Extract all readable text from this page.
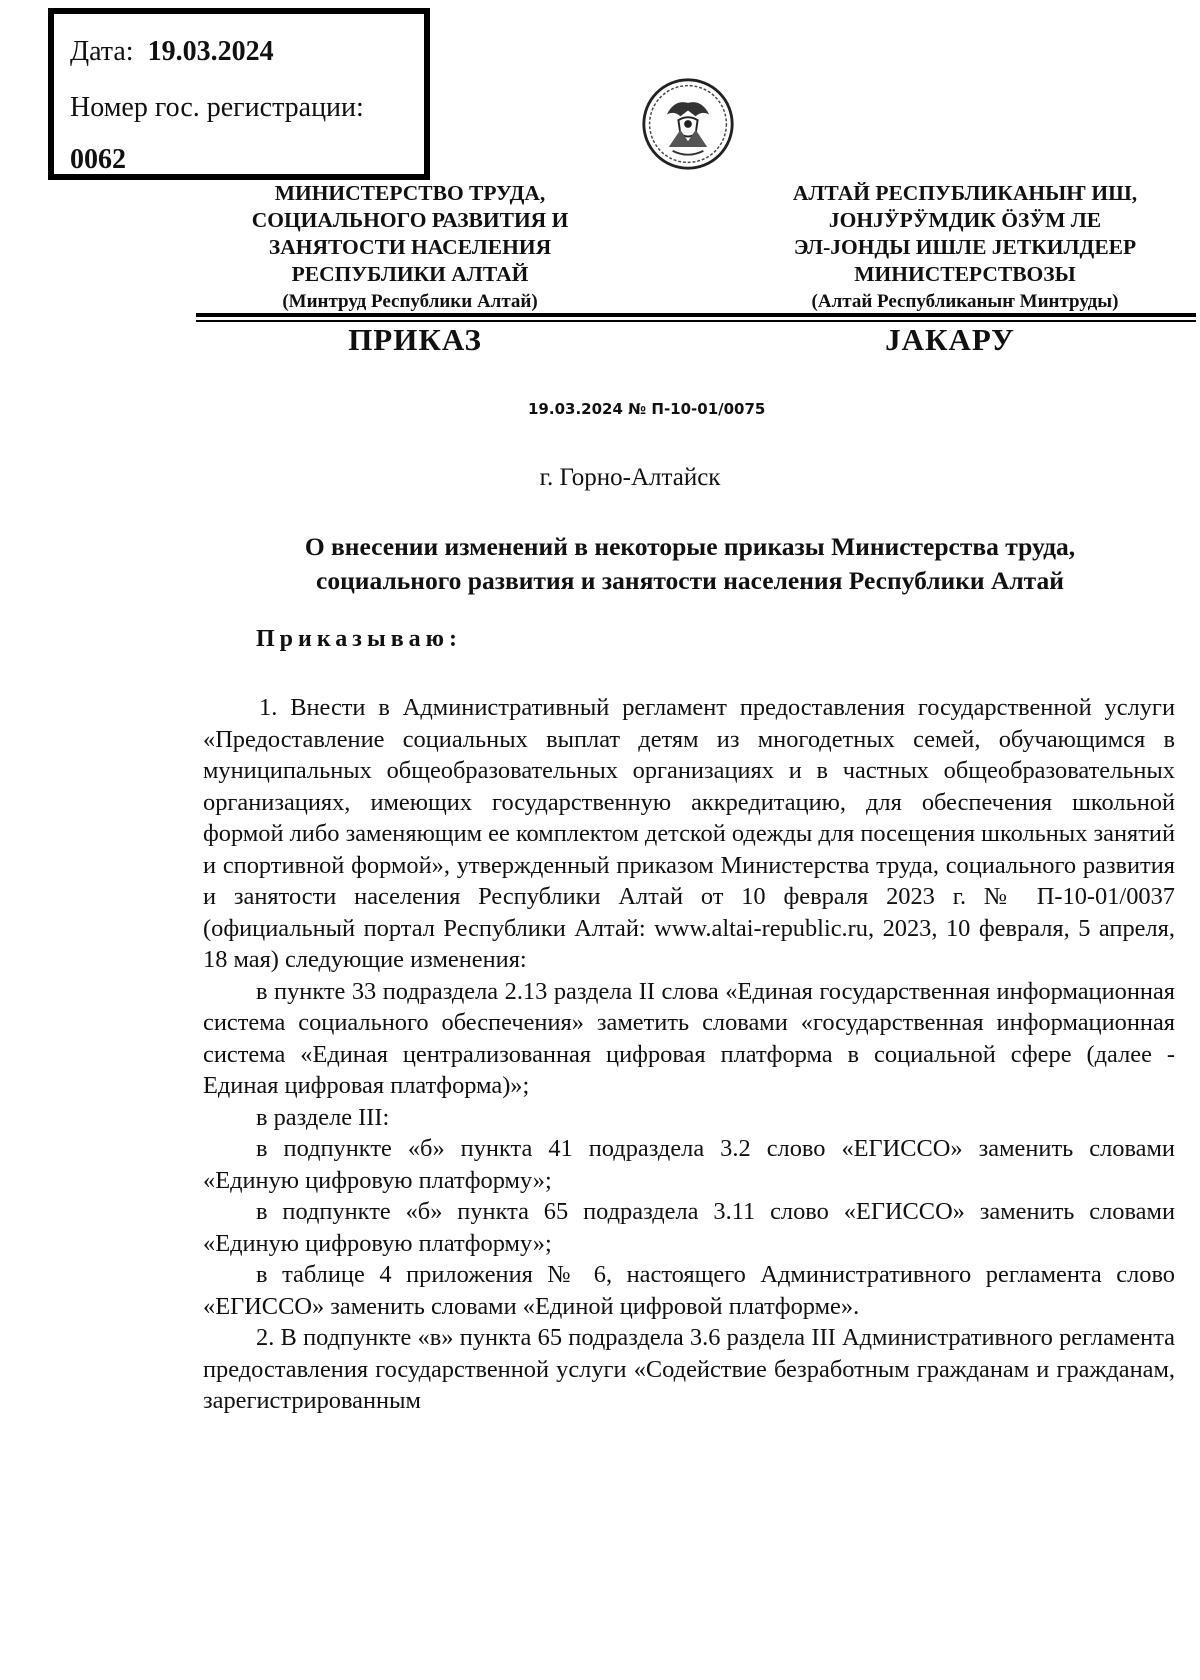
Дата: 19.03.2024
Номер гос. регистрации:
0062
МИНИСТЕРСТВО ТРУДА,
СОЦИАЛЬНОГО РАЗВИТИЯ И
ЗАНЯТОСТИ НАСЕЛЕНИЯ
РЕСПУБЛИКИ АЛТАЙ
(Минтруд Республики Алтай)
АЛТАЙ РЕСПУБЛИКАНЫҤ ИШ,
ЈОНЈӰРӰМДИК ӦЗӰМ ЛЕ
ЭЛ-ЈОНДЫ ИШЛЕ ЈЕТКИЛДЕЕР
МИНИСТЕРСТВОЗЫ
(Алтай Республиканыҥ Минтруды)
ПРИКАЗ	ЈАКАРУ
19.03.2024 № П-10-01/0075
г. Горно-Алтайск
О внесении изменений в некоторые приказы Министерства труда,
социального развития и занятости населения Республики Алтай
Приказываю:

1. Внести в Административный регламент предоставления государственной услуги «Предоставление социальных выплат детям из многодетных семей, обучающимся в муниципальных общеобразовательных организациях и в частных общеобразовательных организациях, имеющих государственную аккредитацию, для обеспечения школьной формой либо заменяющим ее комплектом детской одежды для посещения школьных занятий и спортивной формой», утвержденный приказом Министерства труда, социального развития и занятости населения Республики Алтай от 10 февраля 2023 г. № П-10-01/0037 (официальный портал Республики Алтай: www.altai-republic.ru, 2023, 10 февраля, 5 апреля, 18 мая) следующие изменения:

в пункте 33 подраздела 2.13 раздела II слова «Единая государственная информационная система социального обеспечения» заметить словами «государственная информационная система «Единая централизованная цифровая платформа в социальной сфере (далее - Единая цифровая платформа)»;

в разделе III:

в подпункте «б» пункта 41 подраздела 3.2 слово «ЕГИССО» заменить словами «Единую цифровую платформу»;

в подпункте «б» пункта 65 подраздела 3.11 слово «ЕГИССО» заменить словами «Единую цифровую платформу»;

в таблице 4 приложения № 6, настоящего Административного регламента слово «ЕГИССО» заменить словами «Единой цифровой платформе».

2. В подпункте «в» пункта 65 подраздела 3.6 раздела III Административного регламента предоставления государственной услуги «Содействие безработным гражданам и гражданам, зарегистрированным
